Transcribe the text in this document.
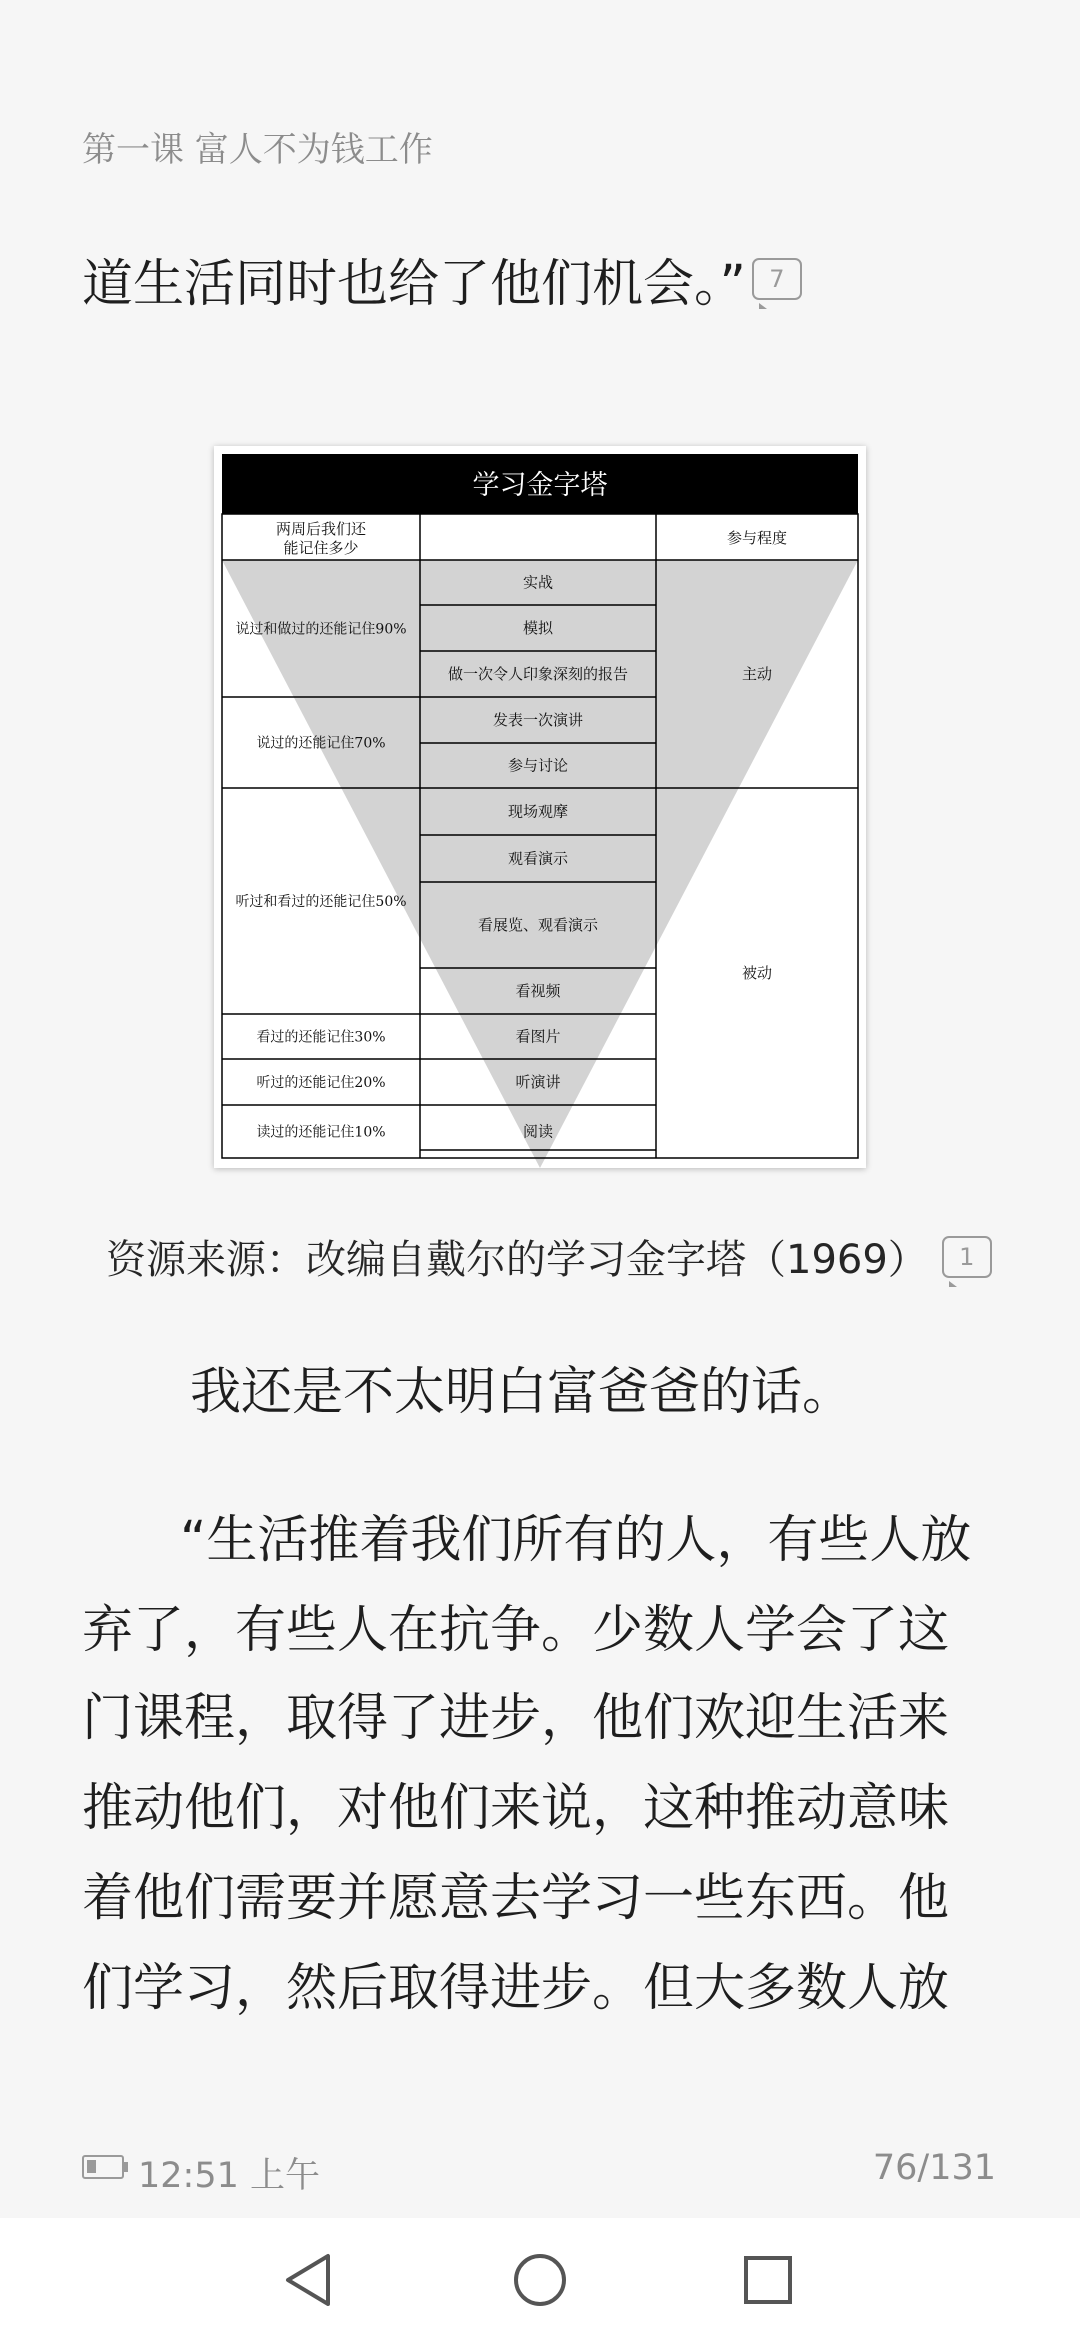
第一课 富人不为钱工作
道生活同时也给了他们机会。” 7
学习金字塔
两周后我们还
能记住多少
参与程度
实战
模拟
做一次令人印象深刻的报告
发表一次演讲
参与讨论
现场观摩
观看演示
看展览、观看演示
看视频
看图片
听演讲
阅读
说过和做过的还能记住90%
说过的还能记住70%
听过和看过的还能记住50%
看过的还能记住30%
听过的还能记住20%
读过的还能记住10%
主动
被动
资源来源：改编自戴尔的学习金字塔（1969） 1
我还是不太明白富爸爸的话。
“生活推着我们所有的人，有些人放
弃了，有些人在抗争。少数人学会了这
门课程，取得了进步，他们欢迎生活来
推动他们，对他们来说，这种推动意味
着他们需要并愿意去学习一些东西。他
们学习，然后取得进步。但大多数人放
12:51 上午	76/131
